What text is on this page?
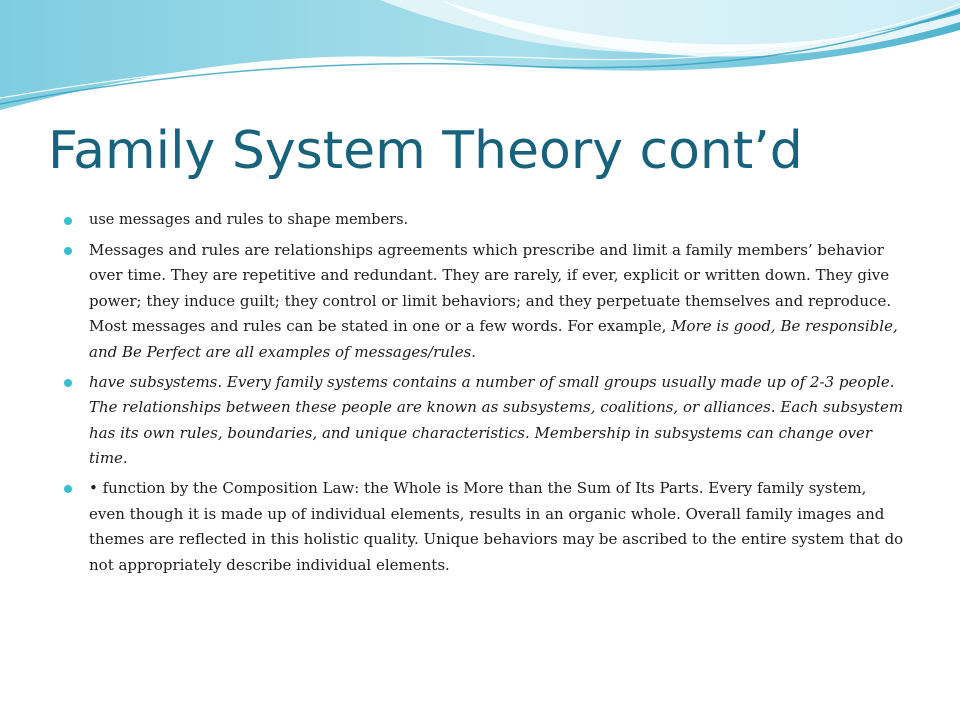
Family System Theory cont’d
use messages and rules to shape members.
Messages and rules are relationships agreements which prescribe and limit a family members’ behavior over time. They are repetitive and redundant. They are rarely, if ever, explicit or written down. They give power; they induce guilt; they control or limit behaviors; and they perpetuate themselves and reproduce. Most messages and rules can be stated in one or a few words. For example, More is good, Be responsible, and Be Perfect are all examples of messages/rules.
have subsystems. Every family systems contains a number of small groups usually made up of 2-3 people. The relationships between these people are known as subsystems, coalitions, or alliances. Each subsystem has its own rules, boundaries, and unique characteristics. Membership in subsystems can change over time.
• function by the Composition Law: the Whole is More than the Sum of Its Parts. Every family system, even though it is made up of individual elements, results in an organic whole. Overall family images and themes are reflected in this holistic quality. Unique behaviors may be ascribed to the entire system that do not appropriately describe individual elements.
